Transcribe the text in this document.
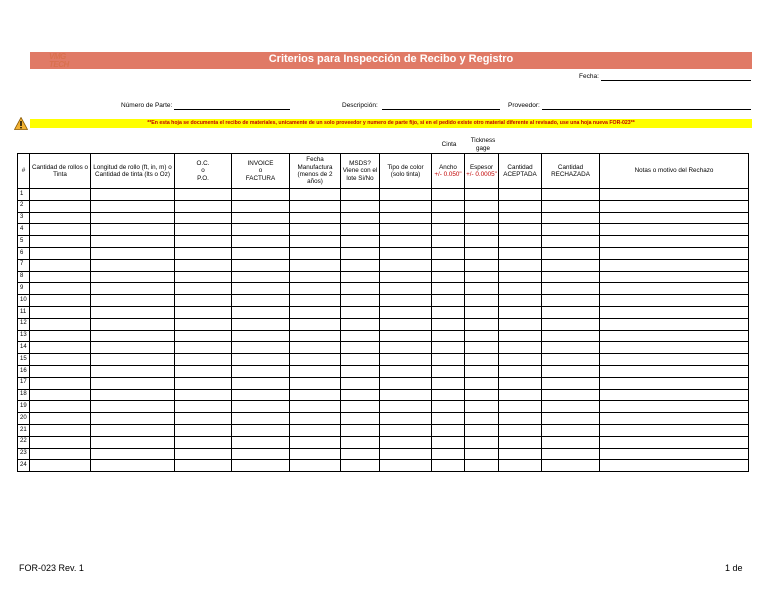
Criterios para Inspección de Recibo y Registro
VMG
TECH
Fecha:
Número de Parte:	Descripción:	Proveedor:
**En esta hoja se documenta el recibo de materiales, unicamente de un solo proveedor y numero de parte fijo, si en el pedido existe otro material diferente al revisado, use una hoja nueva FOR-023**
Cinta
Tickness gage
#	Cantidad de rollos o Tinta	Longitud de rollo (ft, in, m) o Cantidad de tinta (lts o Oz)	O.C.
o
P.O.	INVOICE
o
FACTURA	Fecha Manufactura (menos de 2 años)	MSDS? Viene con el lote Si/No	Tipo de color (solo tinta)	Ancho
+/- 0.050"	Espesor
+/- 0.0005"	Cantidad ACEPTADA	Cantidad RECHAZADA	Notas o motivo del Rechazo
1												
2												
3												
4												
5												
6												
7												
8												
9												
10												
11												
12												
13												
14												
15												
16												
17												
18												
19												
20												
21												
22												
23												
24												
FOR-023 Rev. 1	1 de
